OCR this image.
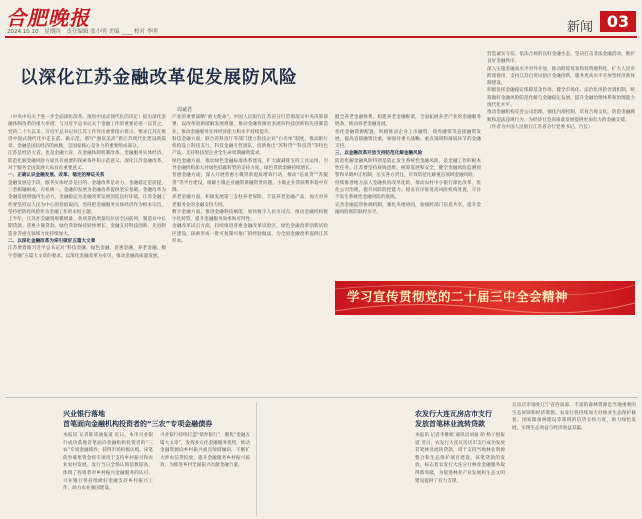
合肥晚报
2024.10.10 星期四 责任编辑 张小明 美编 ____ 校对 李明	新闻 03
以深化江苏金融改革促发展防风险
周诚君
（中央中央关于进一步全面深化改革、推进中国式现代化的决定）提出深化金融体制改革的重大举措，与习近平总书记关于金融工作的重要论述一以贯之，党的二十大以来，习近平总书记对江苏工作作出重要指示批示，要求江苏在推进中国式现代化中走在前、做示范，谱写“强富美高”新江苏现代化建设新篇章。金融是国民经济的血脉，是国家核心竞争力的重要组成部分。
江苏是经济大省，也是金融大省，在金融体制机制改革、金融服务实体经济、防范化解金融风险方面具有重要的探索条件和示范意义。深化江苏金融改革，对于服务全国发展大局具有重要意义。
一、正确认识金融发展、改革、稳定的辩证关系
金融发展是手段，服务实体经济是目的。金融改革是动力，金融稳定是前提，三者相辅相成、有机统一。金融的发展为金融改革提供坚实基础，金融改革为金融发展增强内生动力，金融稳定为金融改革发展创造良好环境。江苏金融工作要坚持以人民为中心的价值取向，坚持把金融服务实体经济作为根本宗旨，坚持把防控风险作为金融工作的永恒主题。
上半年，江苏社会融资规模增量、各项贷款增量均位居全国前列，制造业中长期贷款、普惠小微贷款、绿色贷款保持较快增长，金融支持科技创新、先进制造业等重点领域力度持续加大。
二、以深化金融改革为牵引做好五篇大文章
江苏要着眼习近平总书记对“科技金融、绿色金融、普惠金融、养老金融、数字金融”五篇大文章的要求，以深化金融改革为牵引，推动金融高质量发展。
产业的重要战略“重大使命”，中国人民银行江苏省分行贯彻落实中央决策部署，以改革创新破解发展难题，推动金融资源更多流向科技创新和先进制造业，推动金融服务实体经济能力和水平持续提升。
科技金融方面，联合省科技厅等部门建立科技企业“白名单”制度，推动银行机构设立科技支行、科技金融专营团队，创新推出“苏科贷”“科技贷”等特色产品，支持科技型企业全生命周期融资需求。
绿色金融方面，推动绿色金融标准体系建设，扩大碳减排支持工具运用，引导金融机构加大对绿色低碳转型的支持力度，绿色贷款余额持续增长。
普惠金融方面，深入开展普惠小微贷款提质增效行动，推动“信易贷”“苏服贷”等平台建设，缓解小微企业融资难融资贵问题，小微企业贷款利率稳中有降。
养老金融方面，积极发展第三支柱养老保险，丰富养老金融产品，加大对养老服务业的金融支持力度。
数字金融方面，推进金融科技赋能，加快数字人民币试点，推动金融机构数字化转型，提升金融服务效率和可得性。
金融改革试点方面，持续推进普惠金融改革试验区、绿色金融改革创新试验区建设，探索形成一批可复制可推广的经验做法，为全国金融改革提供江苏样本。
健全养老金融体系，构建养老金融框架，全面拓展养老产业的金融服务链条，推动养老金融发展。
优化金融资源配置，积极推动企业上市融资、债券融资等直接融资发展，提高直接融资比重，加强对重大战略、重点领域和薄弱环节的金融支持。
三、以金融改革开放支持防范化解金融风险
防范化解金融风险特别是防止发生系统性金融风险，是金融工作的根本性任务。江苏要坚持底线思维，统筹发展和安全，健全金融风险监测预警和早期纠正机制，压实各方责任，有效防范化解重点领域金融风险。
持续推进地方法人金融机构改革化险，推动农村中小银行深化改革，优化公司治理，提升风险防控能力。稳妥有序推进高风险机构处置，守住不发生系统性金融风险的底线。
完善金融监管协调机制，强化央地协同，加强跨部门信息共享，提升金融风险联防联控水平。
营造诚实守信、依法合规的良好金融生态，坚决打击非法金融活动，维护良好金融秩序。
深入实施金融高水平对外开放，推动跨境贸易和投资便利化，扩大人民币跨境使用，支持江苏自贸试验区金融创新，服务更高水平开放型经济新体制建设。
积极发挥金融稳定保障基金作用，健全市场化、法治化风险处置机制，统筹做好金融风险防范化解与金融稳定发展，提升金融治理体系和治理能力现代化水平。
推动金融机构完善公司治理，强化内部控制，培育合规文化，防范金融腐败和违法违规行为，为经济社会高质量发展提供更加有力的金融支撑。
（作者为中国人民银行江苏省分行党委书记、行长）
学习宣传贯彻党的二十届三中全会精神
兴业银行落地
首笔面向金融机构投资者的“三农”专项金融债券
本报讯 记者陈沛通报道 近日，本市兴业银行成功落地首笔面向金融机构投资者的“三农”专项金融债券，获得市场积极认购。该笔债券募集资金将专项用于支持乡村振兴和农业农村发展。发行当日全场认购倍数较高，体现了投资者对乡村振兴金融服务的认可。兴业银行将持续做好金融支持乡村振兴工作，助力农业强国建设。
兴业银行持续打造“债券银行”，聚焦“金融五篇大文章”，发挥多元化金融服务优势，推动金融资源向乡村振兴重点领域倾斜，不断扩大涉农信贷投放，提升金融服务乡村振兴质效，为推进乡村全面振兴贡献金融力量。
农发行大连瓦房店市支行
发放首笔林业流转贷款
本报讯 记者李雅妮 通讯员刘豪 助 杨子悦报道 近日，农发行大连瓦房店市支行成功发放首笔林业流转贷款，用于支持当地林业资源整合和生态保护项目建设。该笔贷款的发放，标志着农发行大连分行林业金融服务取得新突破，为促进林业产业发展和生态文明建设提供了有力支撑。
瓦房店市地处辽宁省西南部，丰富的森林资源是当地重要的生态屏障和经济资源。农发行将持续加大对林业生态保护修复、国家储备林建设等领域的信贷支持力度，助力绿色发展，实现生态效益与经济效益双赢。
